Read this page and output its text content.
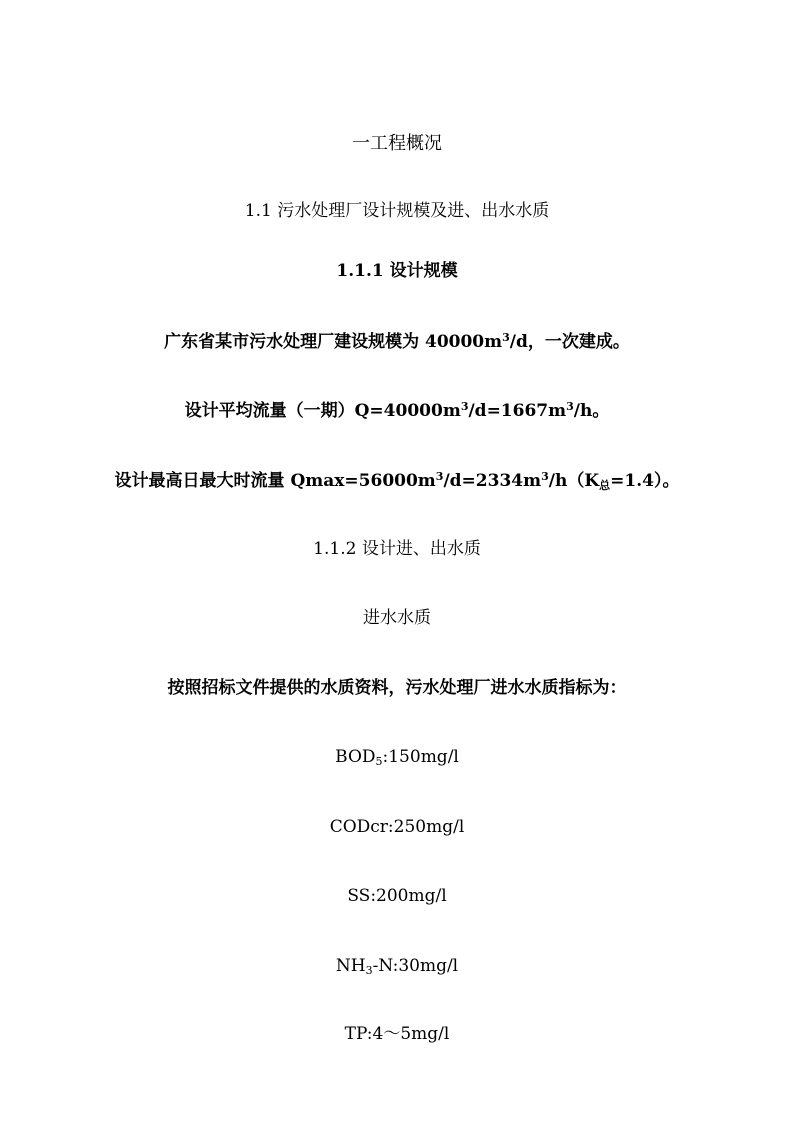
一工程概况
1.1 污水处理厂设计规模及进、出水水质
1.1.1 设计规模
广东省某市污水处理厂建设规模为 $40000m^3/d$，一次建成。
设计平均流量（一期）$Q=40000m^3/d=1667m^3/h$。
设计最高日最大时流量 $Qmax=56000m^3/d=2334m^3/h(K_总=1.4)$。
1.1.2 设计进、出水质
进水水质
按照招标文件提供的水质资料，污水处理厂进水水质指标为：
$BOD_5:150mg/l$
CODcr:250mg/l
SS:200mg/l
$NH_3-N:30mg/l$
TP:4～5mg/l
